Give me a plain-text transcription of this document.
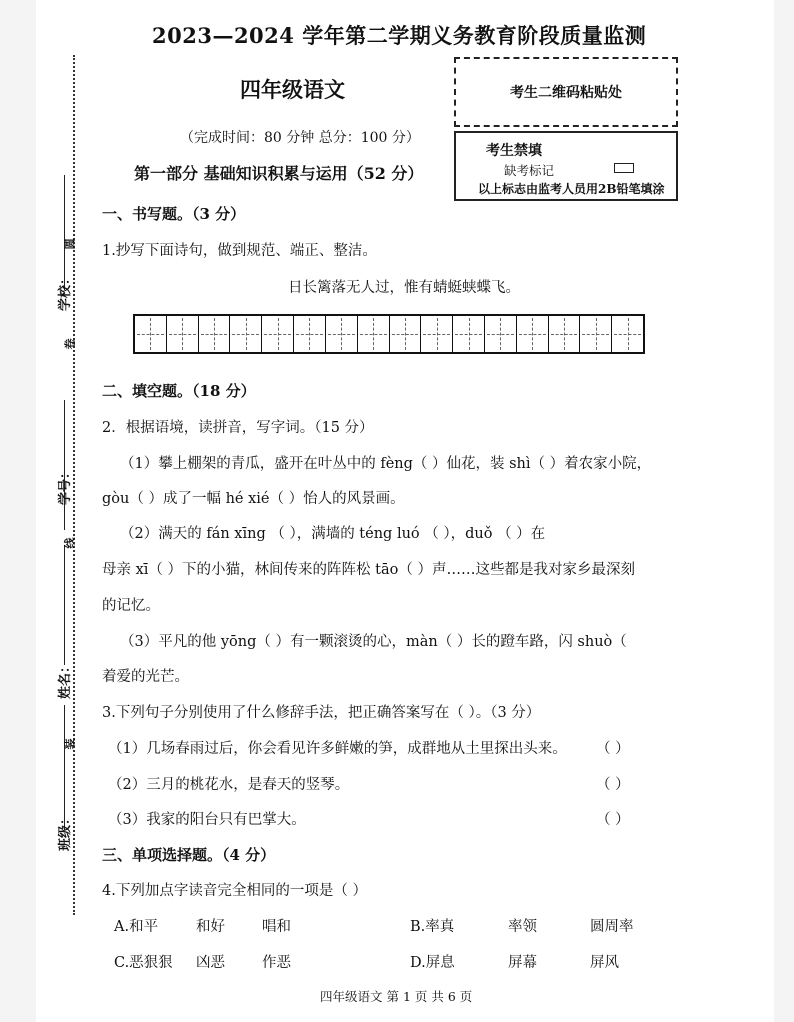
学校：
学号：
姓名：
班级：
圆
卷
线
装
2023—2024 学年第二学期义务教育阶段质量监测
四年级语文
（完成时间：80 分钟 总分：100 分）
第一部分 基础知识积累与运用（52 分）
考生二维码粘贴处
考生禁填
缺考标记
以上标志由监考人员用2B铅笔填涂
一、书写题。（3 分）
1.抄写下面诗句，做到规范、端正、整洁。
日长篱落无人过，惟有蜻蜓蛱蝶飞。
二、填空题。（18 分）
2．根据语境，读拼音，写字词。（15 分）
（1）攀上棚架的青瓜，盛开在叶丛中的 fèng（ ）仙花，装 shì（ ）着农家小院，
gòu（ ）成了一幅 hé xié（ ）怡人的风景画。
（2）满天的 fán xīng （ ），满墙的 téng luó （ ），duǒ （ ）在
母亲 xī（ ）下的小猫，林间传来的阵阵松 tāo（ ）声……这些都是我对家乡最深刻
的记忆。
（3）平凡的他 yōng（ ）有一颗滚烫的心，màn（ ）长的蹬车路，闪 shuò（
着爱的光芒。
3.下列句子分别使用了什么修辞手法，把正确答案写在（ ）。（3 分）
（1）几场春雨过后，你会看见许多鲜嫩的笋，成群地从土里探出头来。 （ ）
（2）三月的桃花水，是春天的竖琴。	（ ）
（3）我家的阳台只有巴掌大。	（ ）
三、单项选择题。（4 分）
4.下列加点字读音完全相同的一项是（ ）
A.和平	和好	唱和	B.率真	率领	圆周率
C.恶狠狠 凶恶	作恶	D.屏息	屏幕	屏风
四年级语文 第 1 页 共 6 页
